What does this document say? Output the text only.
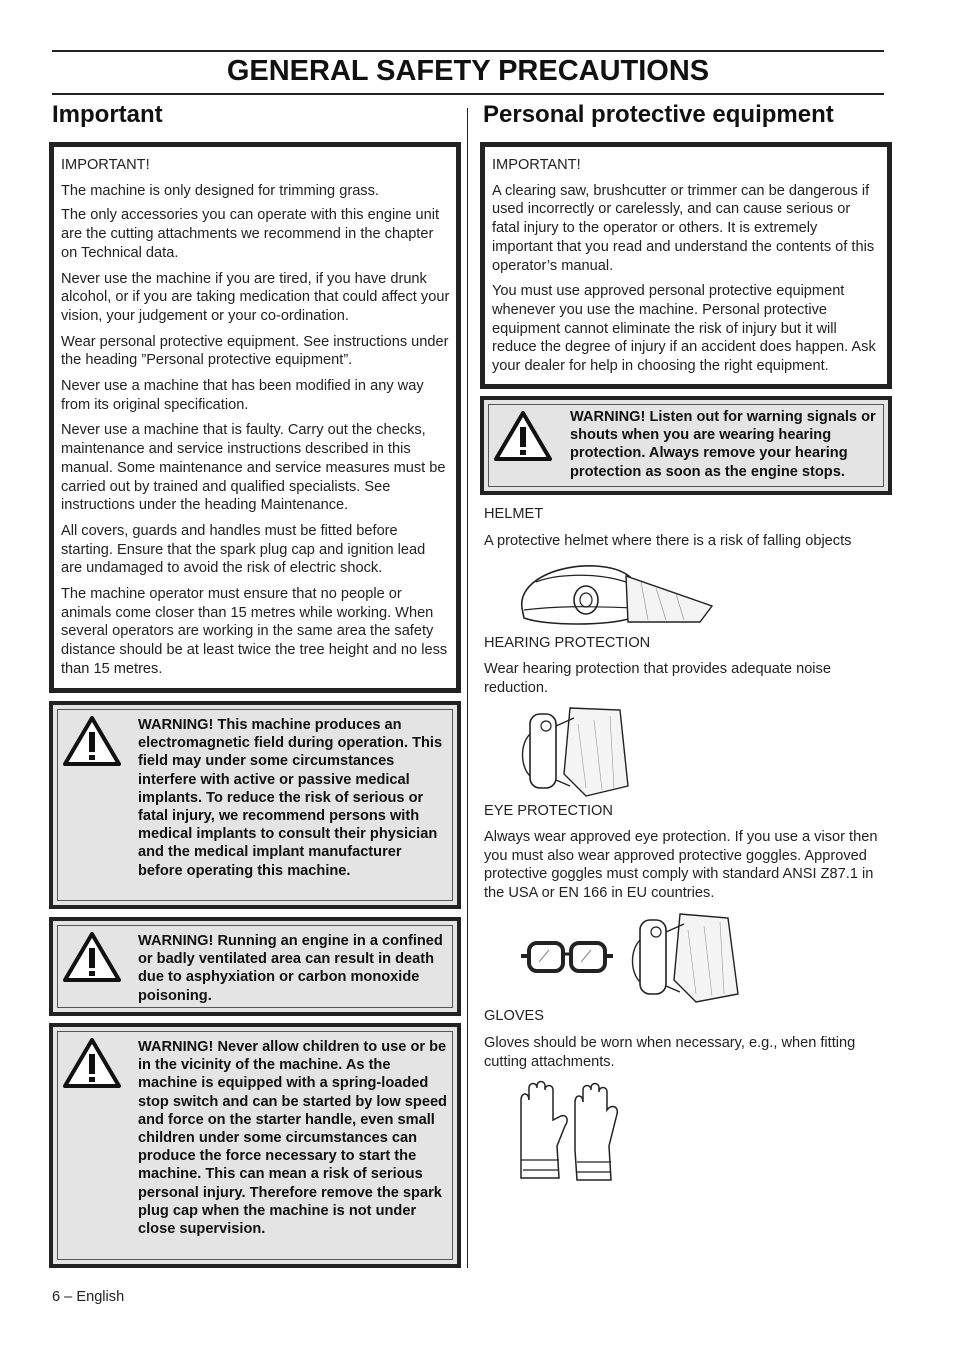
GENERAL SAFETY PRECAUTIONS
Important

IMPORTANT!

The machine is only designed for trimming grass.

The only accessories you can operate with this engine unit are the cutting attachments we recommend in the chapter on Technical data.

Never use the machine if you are tired, if you have drunk alcohol, or if you are taking medication that could affect your vision, your judgement or your co-ordination.

Wear personal protective equipment. See instructions under the heading ”Personal protective equipment”.

Never use a machine that has been modified in any way from its original specification.

Never use a machine that is faulty. Carry out the checks, maintenance and service instructions described in this manual. Some maintenance and service measures must be carried out by trained and qualified specialists. See instructions under the heading Maintenance.

All covers, guards and handles must be fitted before starting. Ensure that the spark plug cap and ignition lead are undamaged to avoid the risk of electric shock.

The machine operator must ensure that no people or animals come closer than 15 metres while working. When several operators are working in the same area the safety distance should be at least twice the tree height and no less than 15 metres.

WARNING! This machine produces an electromagnetic field during operation. This field may under some circumstances interfere with active or passive medical implants. To reduce the risk of serious or fatal injury, we recommend persons with medical implants to consult their physician and the medical implant manufacturer before operating this machine.
WARNING! Running an engine in a confined or badly ventilated area can result in death due to asphyxiation or carbon monoxide poisoning.
WARNING! Never allow children to use or be in the vicinity of the machine. As the machine is equipped with a spring-loaded stop switch and can be started by low speed and force on the starter handle, even small children under some circumstances can produce the force necessary to start the machine. This can mean a risk of serious personal injury. Therefore remove the spark plug cap when the machine is not under close supervision.
Personal protective equipment

IMPORTANT!

A clearing saw, brushcutter or trimmer can be dangerous if used incorrectly or carelessly, and can cause serious or fatal injury to the operator or others. It is extremely important that you read and understand the contents of this operator’s manual.

You must use approved personal protective equipment whenever you use the machine. Personal protective equipment cannot eliminate the risk of injury but it will reduce the degree of injury if an accident does happen. Ask your dealer for help in choosing the right equipment.

WARNING! Listen out for warning signals or shouts when you are wearing hearing protection. Always remove your hearing protection as soon as the engine stops.
HELMET

A protective helmet where there is a risk of falling objects

HEARING PROTECTION

Wear hearing protection that provides adequate noise reduction.

EYE PROTECTION

Always wear approved eye protection. If you use a visor then you must also wear approved protective goggles. Approved protective goggles must comply with standard ANSI Z87.1 in the USA or EN 166 in EU countries.

GLOVES

Gloves should be worn when necessary, e.g., when fitting cutting attachments.

6 – English
